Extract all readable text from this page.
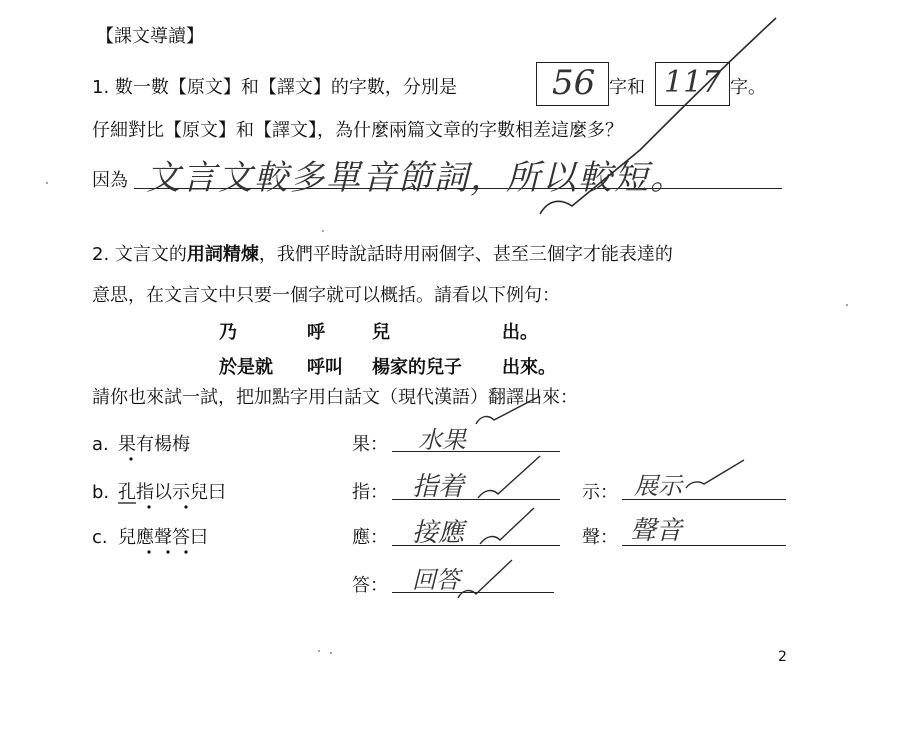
【課文導讀】
1. 數一數【原文】和【譯文】的字數，分別是	56 字和 117 字。
仔細對比【原文】和【譯文】，為什麼兩篇文章的字數相差這麼多？
因為 文言文較多單音節詞，所以較短。
2. 文言文的用詞精煉，我們平時說話時用兩個字、甚至三個字才能表達的
意思，在文言文中只要一個字就可以概括。請看以下例句：
乃	呼	兒	出。
於是就 呼叫 楊家的兒子 出來。
請你也來試一試，把加點字用白話文（現代漢語）翻譯出來：
a. 果有楊梅	果： 水果
b. 孔指以示兒曰	指： 指着	示： 展示
c. 兒應聲答曰	應： 接應	聲： 聲音
答： 回答
2
